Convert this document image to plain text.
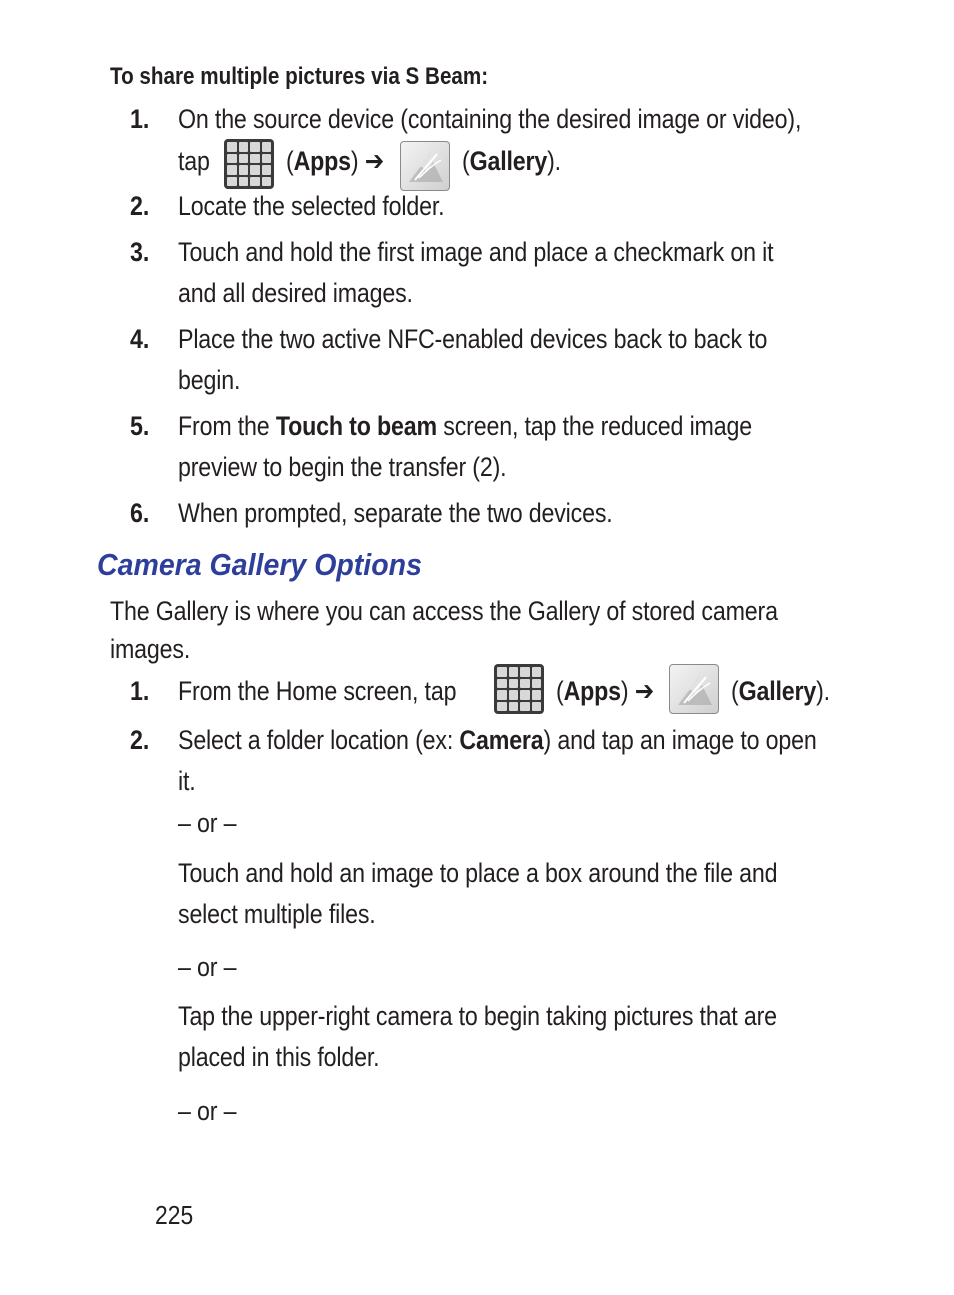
To share multiple pictures via S Beam:
1. On the source device (containing the desired image or video),
tap	(Apps) ➔	(Gallery).
2. Locate the selected folder.
3. Touch and hold the first image and place a checkmark on it
and all desired images.
4. Place the two active NFC-enabled devices back to back to
begin.
5. From the Touch to beam screen, tap the reduced image
preview to begin the transfer (2).
6. When prompted, separate the two devices.
Camera Gallery Options
The Gallery is where you can access the Gallery of stored camera
images.
1. From the Home screen, tap	(Apps) ➔	(Gallery).
2. Select a folder location (ex: Camera) and tap an image to open
it.
– or –
Touch and hold an image to place a box around the file and
select multiple files.
– or –
Tap the upper-right camera to begin taking pictures that are
placed in this folder.
– or –
225
